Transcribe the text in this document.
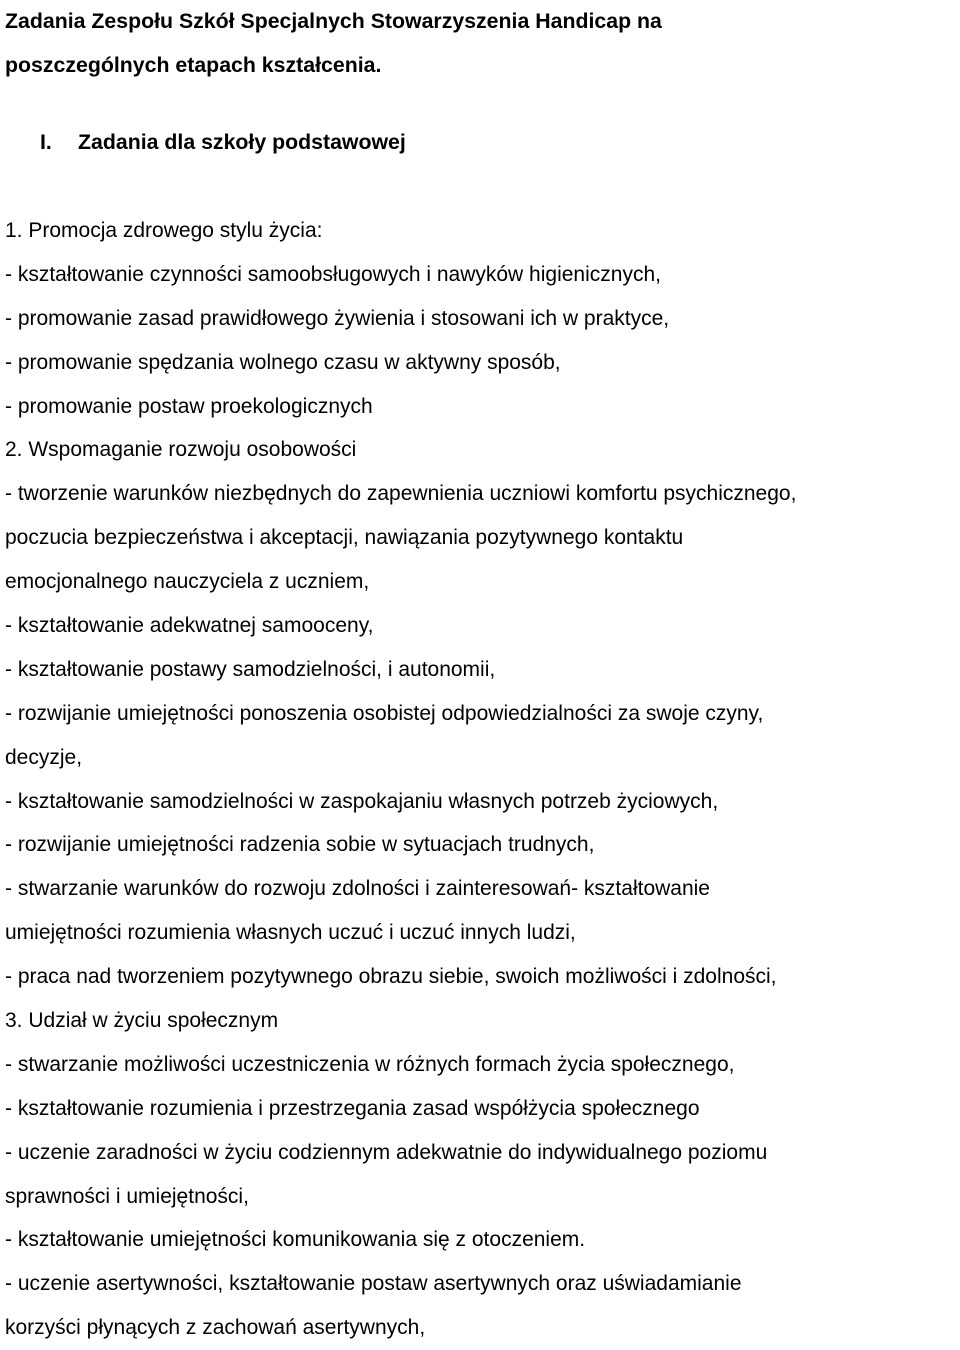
Zadania Zespołu Szkół Specjalnych Stowarzyszenia Handicap na
poszczególnych etapach kształcenia.
I. Zadania dla szkoły podstawowej
1. Promocja zdrowego stylu życia:
- kształtowanie czynności samoobsługowych i nawyków higienicznych,
- promowanie zasad prawidłowego żywienia i stosowani ich w praktyce,
- promowanie spędzania wolnego czasu w aktywny sposób,
- promowanie postaw proekologicznych
2. Wspomaganie rozwoju osobowości
- tworzenie warunków niezbędnych do zapewnienia uczniowi komfortu psychicznego,
poczucia bezpieczeństwa i akceptacji, nawiązania pozytywnego kontaktu
emocjonalnego nauczyciela z uczniem,
- kształtowanie adekwatnej samooceny,
- kształtowanie postawy samodzielności, i autonomii,
- rozwijanie umiejętności ponoszenia osobistej odpowiedzialności za swoje czyny,
decyzje,
- kształtowanie samodzielności w zaspokajaniu własnych potrzeb życiowych,
- rozwijanie umiejętności radzenia sobie w sytuacjach trudnych,
- stwarzanie warunków do rozwoju zdolności i zainteresowań- kształtowanie
umiejętności rozumienia własnych uczuć i uczuć innych ludzi,
- praca nad tworzeniem pozytywnego obrazu siebie, swoich możliwości i zdolności,
3. Udział w życiu społecznym
- stwarzanie możliwości uczestniczenia w różnych formach życia społecznego,
- kształtowanie rozumienia i przestrzegania zasad współżycia społecznego
- uczenie zaradności w życiu codziennym adekwatnie do indywidualnego poziomu
sprawności i umiejętności,
- kształtowanie umiejętności komunikowania się z otoczeniem.
- uczenie asertywności, kształtowanie postaw asertywnych oraz uświadamianie
korzyści płynących z zachowań asertywnych,
